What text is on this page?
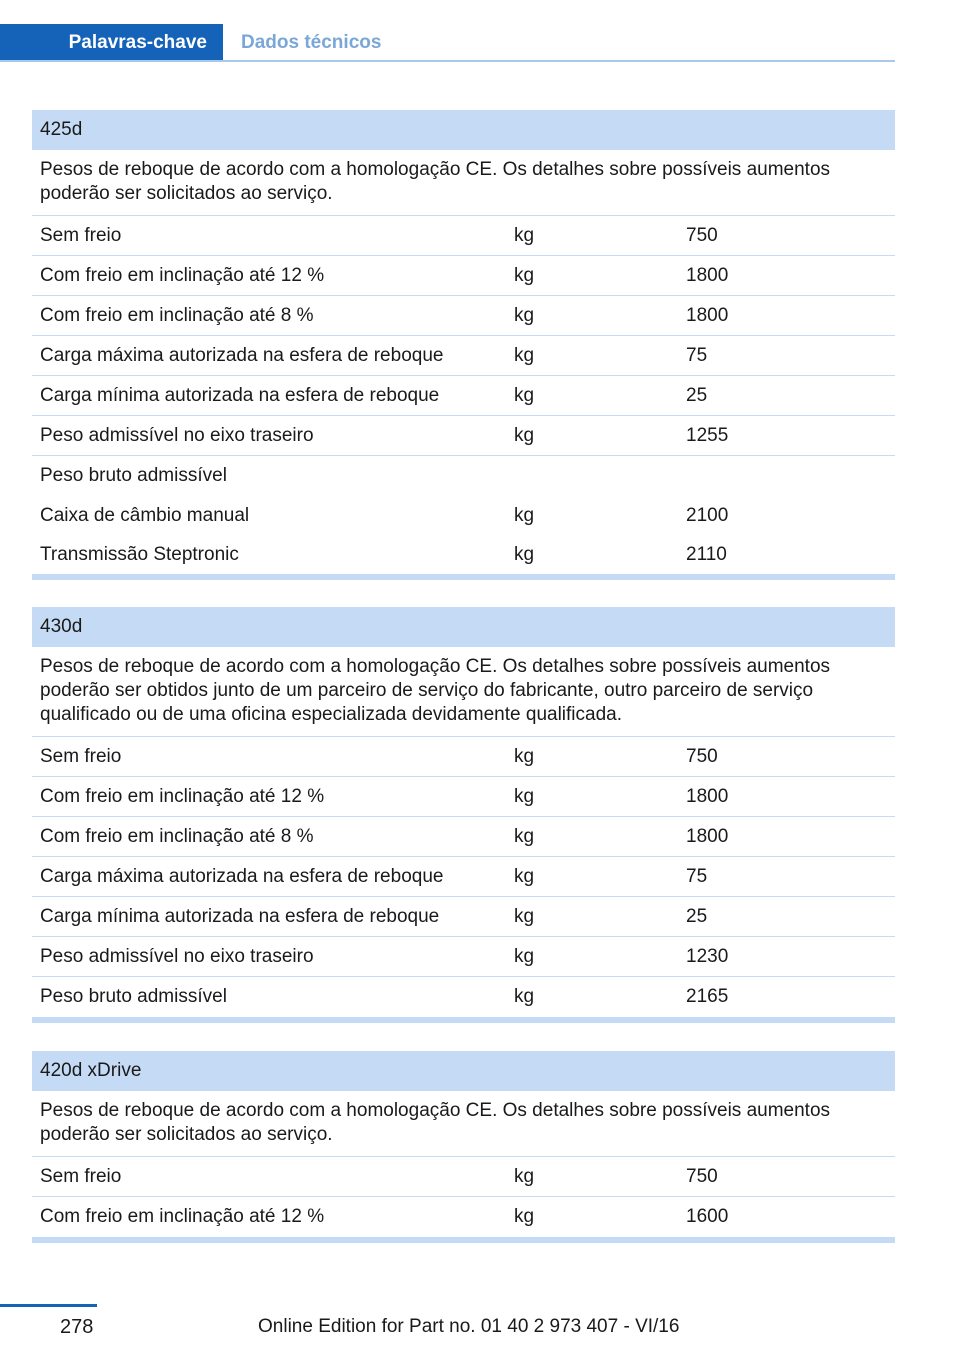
Palavras-chave	Dados técnicos
425d
Pesos de reboque de acordo com a homologação CE. Os detalhes sobre possíveis aumentos poderão ser solicitados ao serviço.
Sem freio	kg	750
Com freio em inclinação até 12 %	kg	1800
Com freio em inclinação até 8 %	kg	1800
Carga máxima autorizada na esfera de reboque	kg	75
Carga mínima autorizada na esfera de reboque	kg	25
Peso admissível no eixo traseiro	kg	1255
Peso bruto admissível
Caixa de câmbio manual	kg	2100
Transmissão Steptronic	kg	2110
430d
Pesos de reboque de acordo com a homologação CE. Os detalhes sobre possíveis aumentos poderão ser obtidos junto de um parceiro de serviço do fabricante, outro parceiro de serviço qualificado ou de uma oficina especializada devidamente qualificada.
Sem freio	kg	750
Com freio em inclinação até 12 %	kg	1800
Com freio em inclinação até 8 %	kg	1800
Carga máxima autorizada na esfera de reboque	kg	75
Carga mínima autorizada na esfera de reboque	kg	25
Peso admissível no eixo traseiro	kg	1230
Peso bruto admissível	kg	2165
420d xDrive
Pesos de reboque de acordo com a homologação CE. Os detalhes sobre possíveis aumentos poderão ser solicitados ao serviço.
Sem freio	kg	750
Com freio em inclinação até 12 %	kg	1600
278	Online Edition for Part no. 01 40 2 973 407 - VI/16
